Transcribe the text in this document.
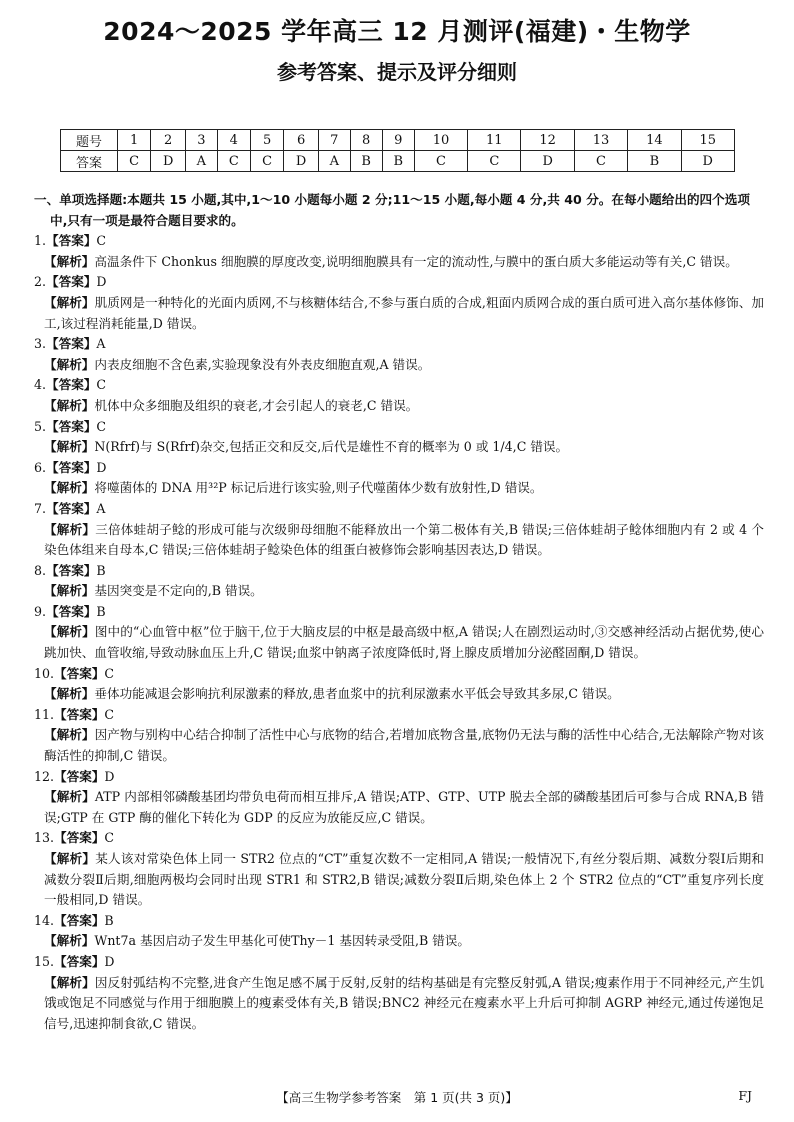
2024～2025 学年高三 12 月测评(福建)・生物学
参考答案、提示及评分细则
题号	1	2	3	4	5	6	7	8	9	10	11	12	13	14	15
答案	C	D	A	C	C	D	A	B	B	C	C	D	C	B	D
一、单项选择题:本题共 15 小题,其中,1～10 小题每小题 2 分;11～15 小题,每小题 4 分,共 40 分。在每小题给出的四个选项中,只有一项是最符合题目要求的。
1.【答案】C
【解析】高温条件下 Chonkus 细胞膜的厚度改变,说明细胞膜具有一定的流动性,与膜中的蛋白质大多能运动等有关,C 错误。
2.【答案】D
【解析】肌质网是一种特化的光面内质网,不与核糖体结合,不参与蛋白质的合成,粗面内质网合成的蛋白质可进入高尔基体修饰、加工,该过程消耗能量,D 错误。
3.【答案】A
【解析】内表皮细胞不含色素,实验现象没有外表皮细胞直观,A 错误。
4.【答案】C
【解析】机体中众多细胞及组织的衰老,才会引起人的衰老,C 错误。
5.【答案】C
【解析】N(Rfrf)与 S(Rfrf)杂交,包括正交和反交,后代是雄性不育的概率为 0 或 1/4,C 错误。
6.【答案】D
【解析】将噬菌体的 DNA 用³²P 标记后进行该实验,则子代噬菌体少数有放射性,D 错误。
7.【答案】A
【解析】三倍体蛙胡子鲶的形成可能与次级卵母细胞不能释放出一个第二极体有关,B 错误;三倍体蛙胡子鲶体细胞内有 2 或 4 个染色体组来自母本,C 错误;三倍体蛙胡子鲶染色体的组蛋白被修饰会影响基因表达,D 错误。
8.【答案】B
【解析】基因突变是不定向的,B 错误。
9.【答案】B
【解析】图中的“心血管中枢”位于脑干,位于大脑皮层的中枢是最高级中枢,A 错误;人在剧烈运动时,③交感神经活动占据优势,使心跳加快、血管收缩,导致动脉血压上升,C 错误;血浆中钠离子浓度降低时,肾上腺皮质增加分泌醛固酮,D 错误。
10.【答案】C
【解析】垂体功能减退会影响抗利尿激素的释放,患者血浆中的抗利尿激素水平低会导致其多尿,C 错误。
11.【答案】C
【解析】因产物与别构中心结合抑制了活性中心与底物的结合,若增加底物含量,底物仍无法与酶的活性中心结合,无法解除产物对该酶活性的抑制,C 错误。
12.【答案】D
【解析】ATP 内部相邻磷酸基团均带负电荷而相互排斥,A 错误;ATP、GTP、UTP 脱去全部的磷酸基团后可参与合成 RNA,B 错误;GTP 在 GTP 酶的催化下转化为 GDP 的反应为放能反应,C 错误。
13.【答案】C
【解析】某人该对常染色体上同一 STR2 位点的“CT”重复次数不一定相同,A 错误;一般情况下,有丝分裂后期、减数分裂Ⅰ后期和减数分裂Ⅱ后期,细胞两极均会同时出现 STR1 和 STR2,B 错误;减数分裂Ⅱ后期,染色体上 2 个 STR2 位点的“CT”重复序列长度一般相同,D 错误。
14.【答案】B
【解析】Wnt7a 基因启动子发生甲基化可使Thy－1 基因转录受阻,B 错误。
15.【答案】D
【解析】因反射弧结构不完整,进食产生饱足感不属于反射,反射的结构基础是有完整反射弧,A 错误;瘦素作用于不同神经元,产生饥饿或饱足不同感觉与作用于细胞膜上的瘦素受体有关,B 错误;BNC2 神经元在瘦素水平上升后可抑制 AGRP 神经元,通过传递饱足信号,迅速抑制食欲,C 错误。
【高三生物学参考答案　第 1 页(共 3 页)】	FJ
